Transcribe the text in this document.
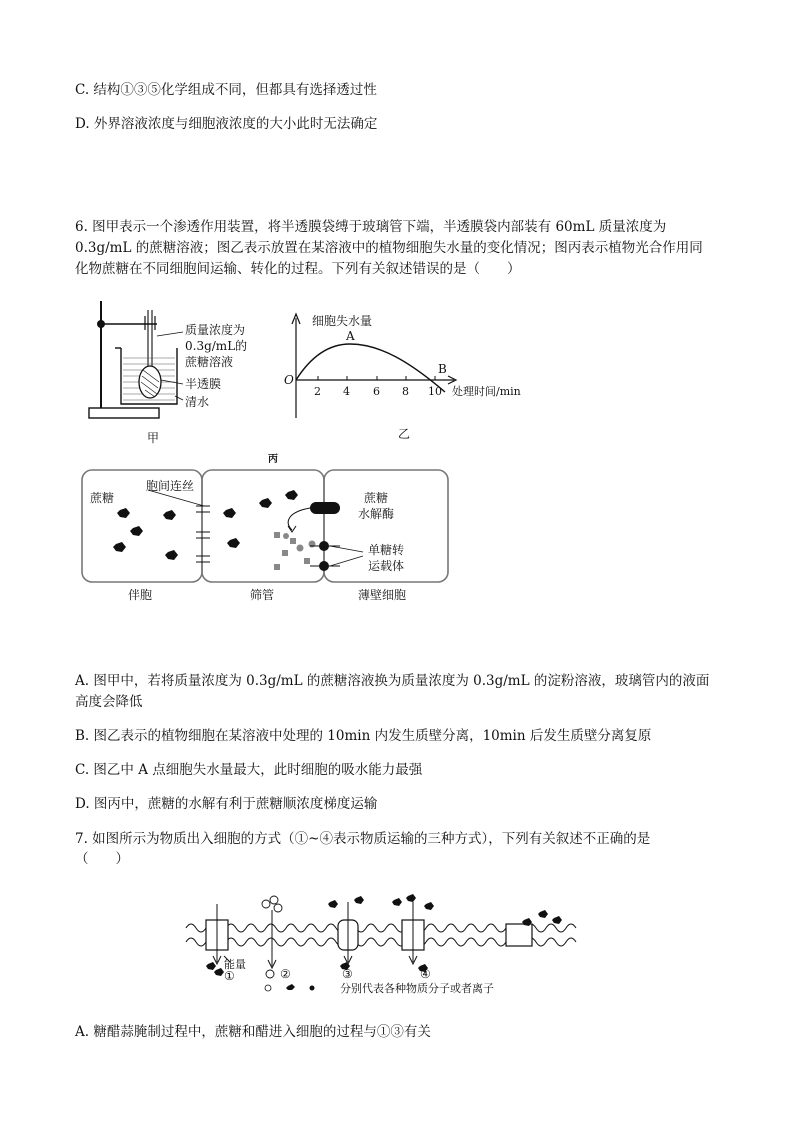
C. 结构①③⑤化学组成不同，但都具有选择透过性
D. 外界溶液浓度与细胞液浓度的大小此时无法确定
6. 图甲表示一个渗透作用装置，将半透膜袋缚于玻璃管下端，半透膜袋内部装有 60mL 质量浓度为
0.3g/mL 的蔗糖溶液；图乙表示放置在某溶液中的植物细胞失水量的变化情况；图丙表示植物光合作用同
化物蔗糖在不同细胞间运输、转化的过程。下列有关叙述错误的是（　　）
质量浓度为
0.3g/mL的
蔗糖溶液
半透膜
清水
甲
细胞失水量
O
2 4 6 8 10 处理时间/min
A
B
乙
丙
胞间连丝
蔗糖	蔗糖
水解酶
单糖转
运载体
伴胞	筛管	薄壁细胞
A. 图甲中，若将质量浓度为 0.3g/mL 的蔗糖溶液换为质量浓度为 0.3g/mL 的淀粉溶液，玻璃管内的液面
高度会降低
B. 图乙表示的植物细胞在某溶液中处理的 10min 内发生质壁分离，10min 后发生质壁分离复原
C. 图乙中 A 点细胞失水量最大，此时细胞的吸水能力最强
D. 图丙中，蔗糖的水解有利于蔗糖顺浓度梯度运输
7. 如图所示为物质出入细胞的方式（①~④表示物质运输的三种方式），下列有关叙述不正确的是
（　　）
能量
①	②	③	④
分别代表各种物质分子或者离子
A. 糖醋蒜腌制过程中，蔗糖和醋进入细胞的过程与①③有关
